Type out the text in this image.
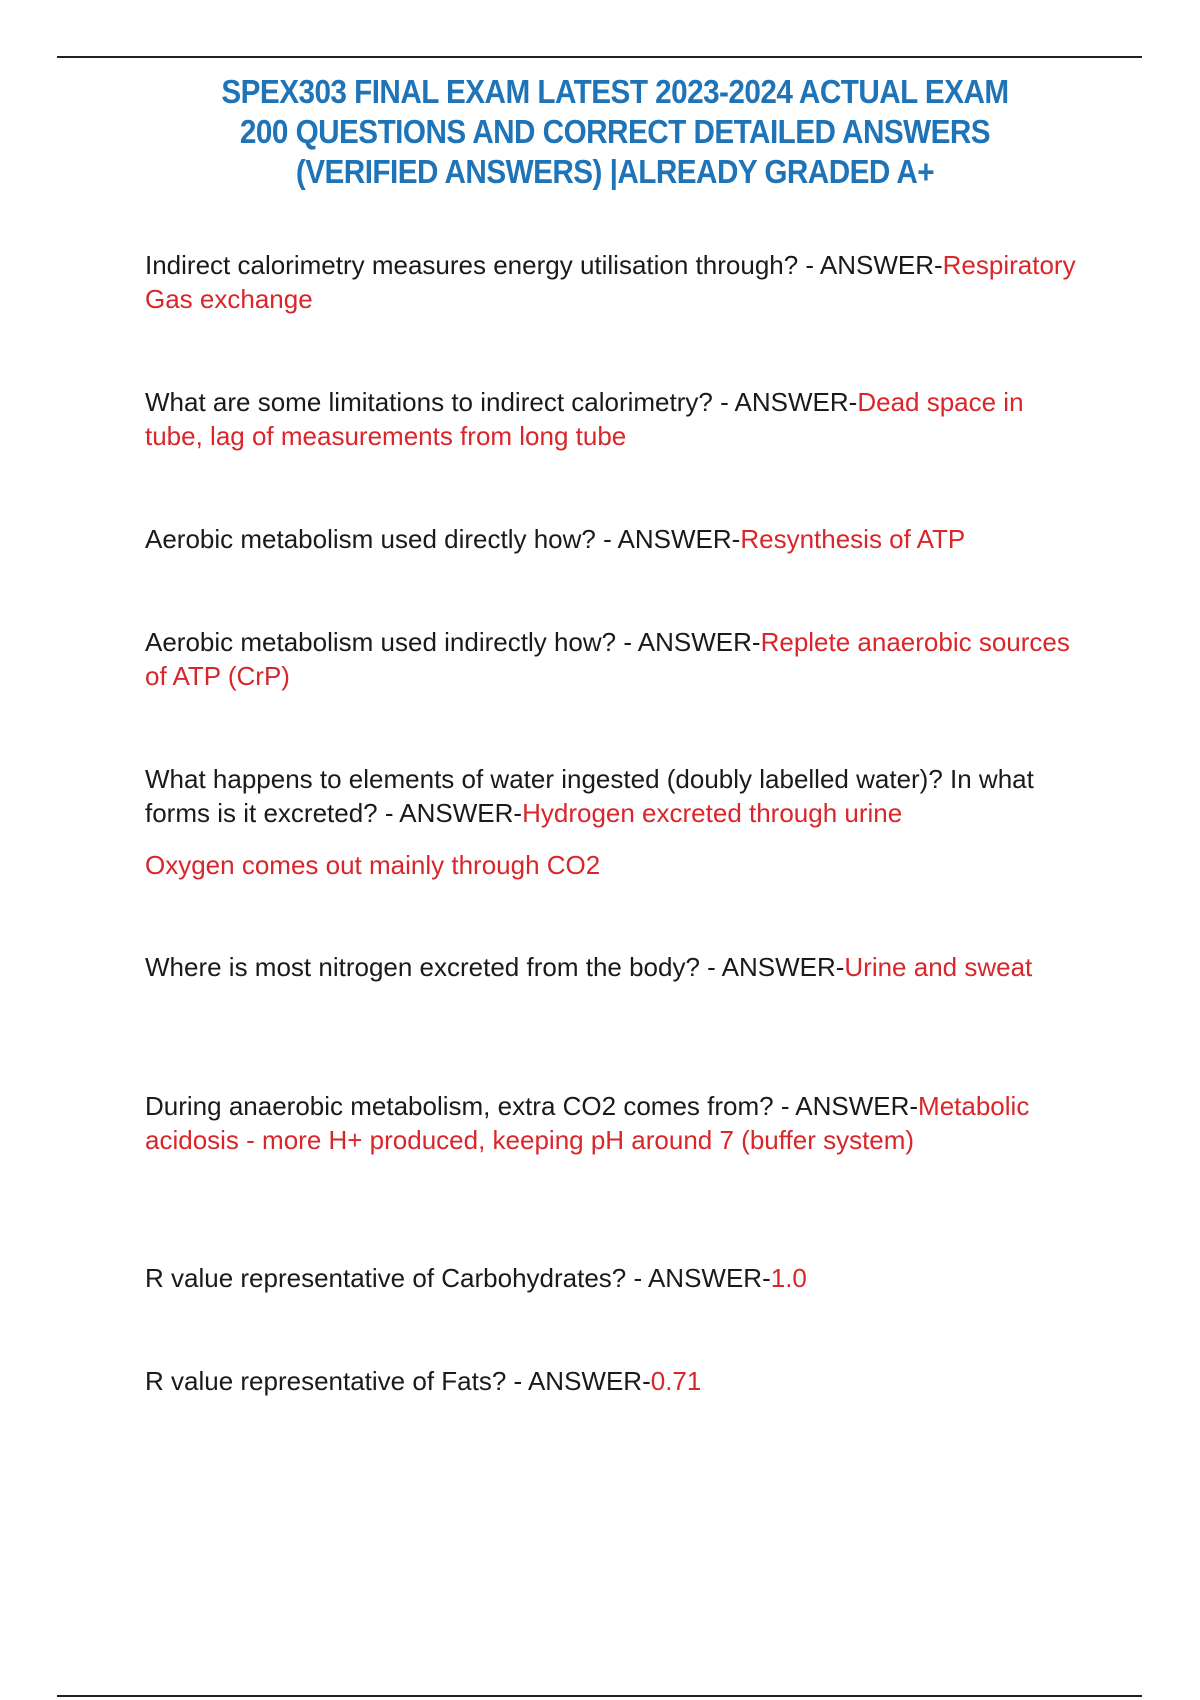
SPEX303 FINAL EXAM LATEST 2023-2024 ACTUAL EXAM 200 QUESTIONS AND CORRECT DETAILED ANSWERS (VERIFIED ANSWERS) |ALREADY GRADED A+
Indirect calorimetry measures energy utilisation through? - ANSWER-Respiratory Gas exchange
What are some limitations to indirect calorimetry? - ANSWER-Dead space in tube, lag of measurements from long tube
Aerobic metabolism used directly how? - ANSWER-Resynthesis of ATP
Aerobic metabolism used indirectly how? - ANSWER-Replete anaerobic sources of ATP (CrP)
What happens to elements of water ingested (doubly labelled water)? In what forms is it excreted? - ANSWER-Hydrogen excreted through urine
Oxygen comes out mainly through CO2
Where is most nitrogen excreted from the body? - ANSWER-Urine and sweat
During anaerobic metabolism, extra CO2 comes from? - ANSWER-Metabolic acidosis - more H+ produced, keeping pH around 7 (buffer system)
R value representative of Carbohydrates? - ANSWER-1.0
R value representative of Fats? - ANSWER-0.71
